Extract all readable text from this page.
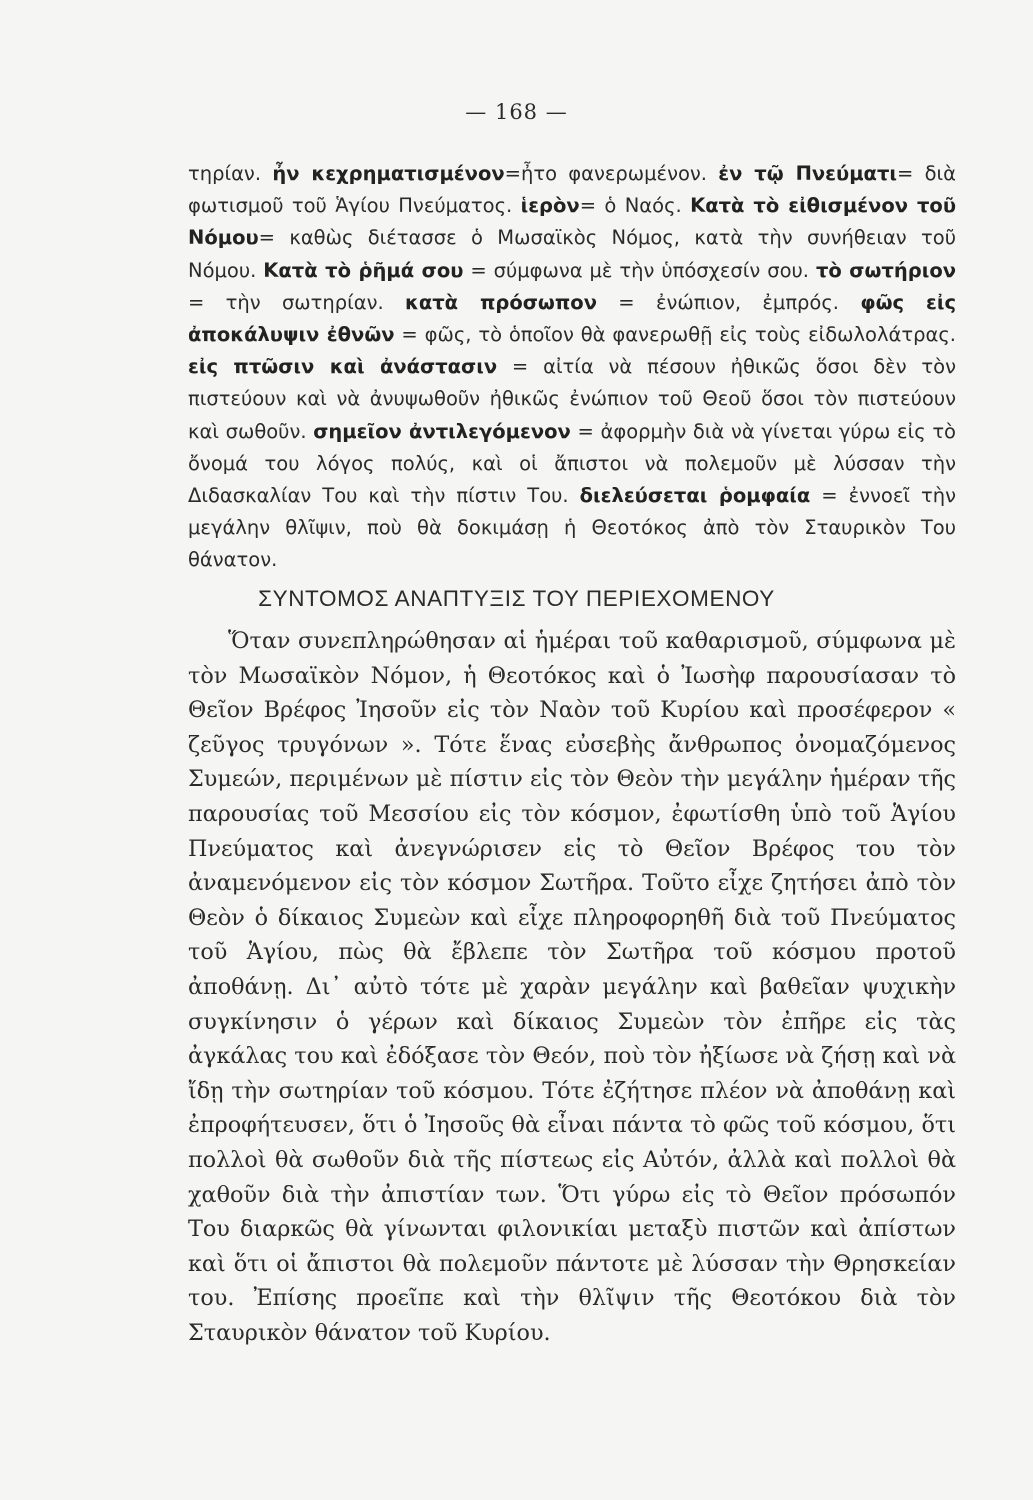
— 168 —

τηρίαν. ἦν κεχρηματισμένον=ἦτο φανερωμένον. ἐν τῷ Πνεύματι= διὰ φωτισμοῦ τοῦ Ἁγίου Πνεύματος. ἱερὸν= ὁ Ναός. Κατὰ τὸ εἰθισμένον τοῦ Νόμου= καθὼς διέτασσε ὁ Μωσαϊκὸς Νόμος, κατὰ τὴν συνήθειαν τοῦ Νόμου. Κατὰ τὸ ῥῆμά σου = σύμφωνα μὲ τὴν ὑπόσχεσίν σου. τὸ σωτήριον = τὴν σωτηρίαν. κατὰ πρόσωπον = ἐνώπιον, ἐμπρός. φῶς εἰς ἀποκάλυψιν ἐθνῶν = φῶς, τὸ ὁποῖον θὰ φανερωθῇ εἰς τοὺς εἰδωλολάτρας. εἰς πτῶσιν καὶ ἀνάστασιν = αἰτία νὰ πέσουν ἠθικῶς ὅσοι δὲν τὸν πιστεύουν καὶ νὰ ἀνυψωθοῦν ἠθικῶς ἐνώπιον τοῦ Θεοῦ ὅσοι τὸν πιστεύουν καὶ σωθοῦν. σημεῖον ἀντιλεγόμενον = ἀφορμὴν διὰ νὰ γίνεται γύρω εἰς τὸ ὄνομά του λόγος πολύς, καὶ οἱ ἄπιστοι νὰ πολεμοῦν μὲ λύσσαν τὴν Διδασκαλίαν Του καὶ τὴν πίστιν Του. διελεύσεται ῥομφαία = ἐννοεῖ τὴν μεγάλην θλῖψιν, ποὺ θὰ δοκιμάσῃ ἡ Θεοτόκος ἀπὸ τὸν Σταυρικὸν Του θάνατον.

ΣΥΝΤΟΜΟΣ ΑΝΑΠΤΥΞΙΣ ΤΟΥ ΠΕΡΙΕΧΟΜΕΝΟΥ

Ὅταν συνεπληρώθησαν αἱ ἡμέραι τοῦ καθαρισμοῦ, σύμφωνα μὲ τὸν Μωσαϊκὸν Νόμον, ἡ Θεοτόκος καὶ ὁ Ἰωσὴφ παρουσίασαν τὸ Θεῖον Βρέφος Ἰησοῦν εἰς τὸν Ναὸν τοῦ Κυρίου καὶ προσέφερον « ζεῦγος τρυγόνων ». Τότε ἕνας εὐσεβὴς ἄνθρωπος ὀνομαζόμενος Συμεών, περιμένων μὲ πίστιν εἰς τὸν Θεὸν τὴν μεγάλην ἡμέραν τῆς παρουσίας τοῦ Μεσσίου εἰς τὸν κόσμον, ἐφωτίσθη ὑπὸ τοῦ Ἁγίου Πνεύματος καὶ ἀνεγνώρισεν εἰς τὸ Θεῖον Βρέφος του τὸν ἀναμενόμενον εἰς τὸν κόσμον Σωτῆρα. Τοῦτο εἶχε ζητήσει ἀπὸ τὸν Θεὸν ὁ δίκαιος Συμεὼν καὶ εἶχε πληροφορηθῆ διὰ τοῦ Πνεύματος τοῦ Ἁγίου, πὼς θὰ ἔβλεπε τὸν Σωτῆρα τοῦ κόσμου προτοῦ ἀποθάνῃ. Δι᾽ αὐτὸ τότε μὲ χαρὰν μεγάλην καὶ βαθεῖαν ψυχικὴν συγκίνησιν ὁ γέρων καὶ δίκαιος Συμεὼν τὸν ἐπῆρε εἰς τὰς ἀγκάλας του καὶ ἐδόξασε τὸν Θεόν, ποὺ τὸν ἠξίωσε νὰ ζήσῃ καὶ νὰ ἴδῃ τὴν σωτηρίαν τοῦ κόσμου. Τότε ἐζήτησε πλέον νὰ ἀποθάνῃ καὶ ἐπροφήτευσεν, ὅτι ὁ Ἰησοῦς θὰ εἶναι πάντα τὸ φῶς τοῦ κόσμου, ὅτι πολλοὶ θὰ σωθοῦν διὰ τῆς πίστεως εἰς Αὐτόν, ἀλλὰ καὶ πολλοὶ θὰ χαθοῦν διὰ τὴν ἀπιστίαν των. Ὅτι γύρω εἰς τὸ Θεῖον πρόσωπόν Του διαρκῶς θὰ γίνωνται φιλονικίαι μεταξὺ πιστῶν καὶ ἀπίστων καὶ ὅτι οἱ ἄπιστοι θὰ πολεμοῦν πάντοτε μὲ λύσσαν τὴν Θρησκείαν του. Ἐπίσης προεῖπε καὶ τὴν θλῖψιν τῆς Θεοτόκου διὰ τὸν Σταυρικὸν θάνατον τοῦ Κυρίου.
